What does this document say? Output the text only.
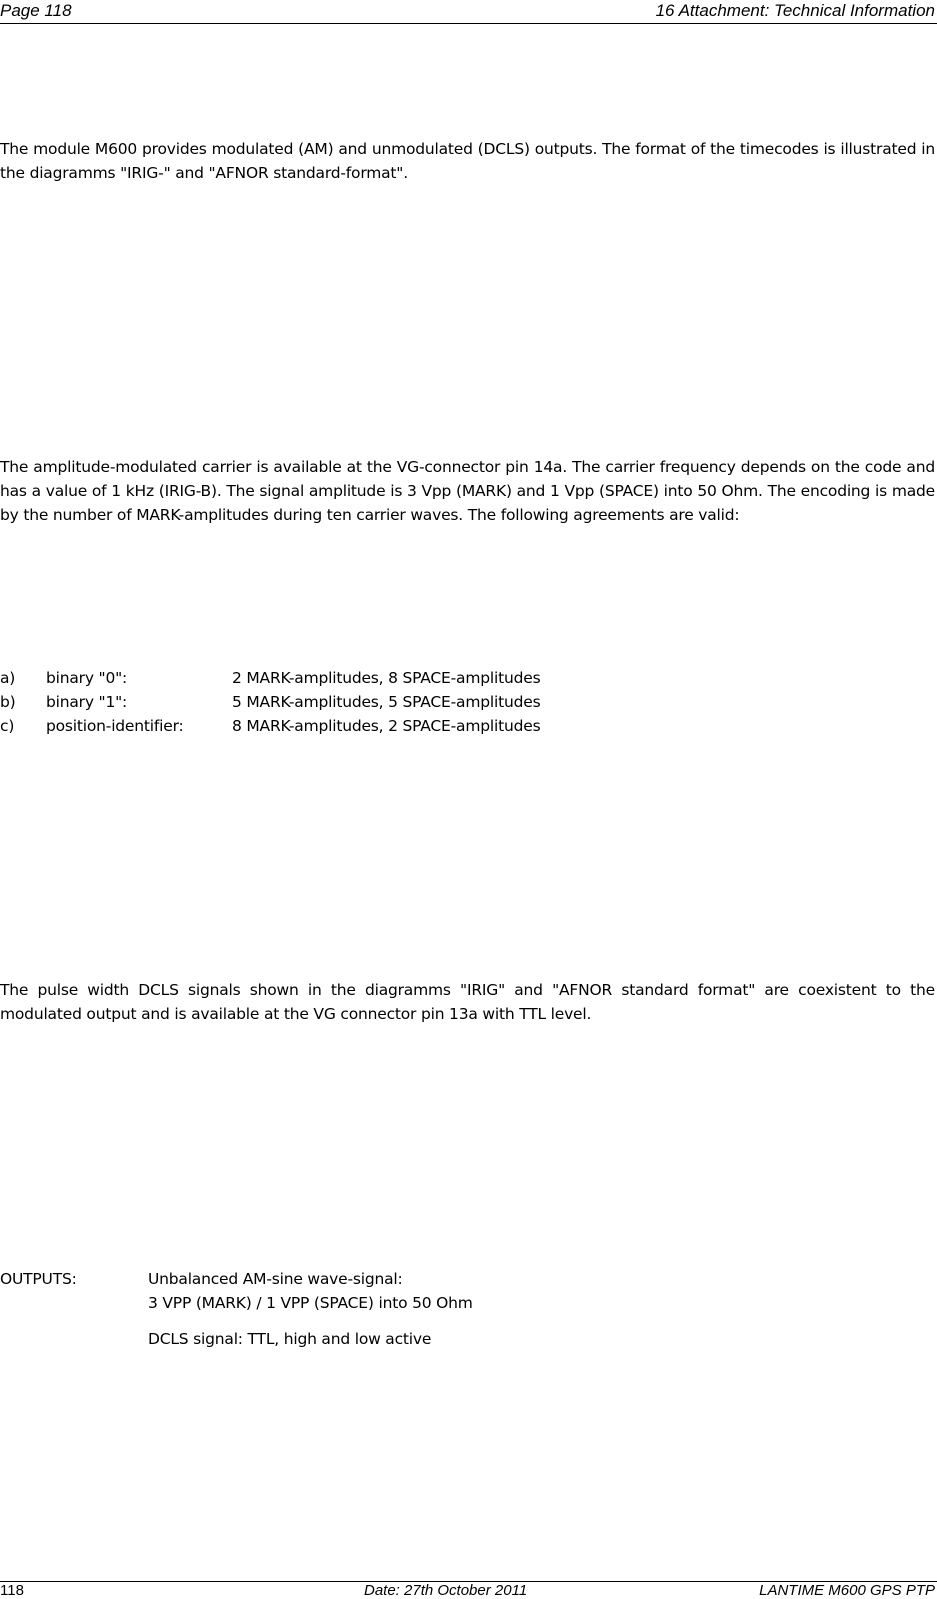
Page 118	16 Attachment: Technical Information

The module M600 provides modulated (AM) and unmodulated (DCLS) outputs. The format of the timecodes is illustrated in the diagramms "IRIG-" and "AFNOR standard-format".

The amplitude-modulated carrier is available at the VG-connector pin 14a. The carrier frequency depends on the code and has a value of 1 kHz (IRIG-B). The signal amplitude is 3 Vpp (MARK) and 1 Vpp (SPACE) into 50 Ohm. The encoding is made by the number of MARK-amplitudes during ten carrier waves. The following agreements are valid:

a) binary "0":	2 MARK-amplitudes, 8 SPACE-amplitudes
b) binary "1":	5 MARK-amplitudes, 5 SPACE-amplitudes
c) position-identifier:	8 MARK-amplitudes, 2 SPACE-amplitudes

The pulse width DCLS signals shown in the diagramms "IRIG" and "AFNOR standard format" are coexistent to the modulated output and is available at the VG connector pin 13a with TTL level.

OUTPUTS:	Unbalanced AM-sine wave-signal:
3 VPP (MARK) / 1 VPP (SPACE) into 50 Ohm
DCLS signal: TTL, high and low active
118	Date: 27th October 2011	LANTIME M600 GPS PTP
